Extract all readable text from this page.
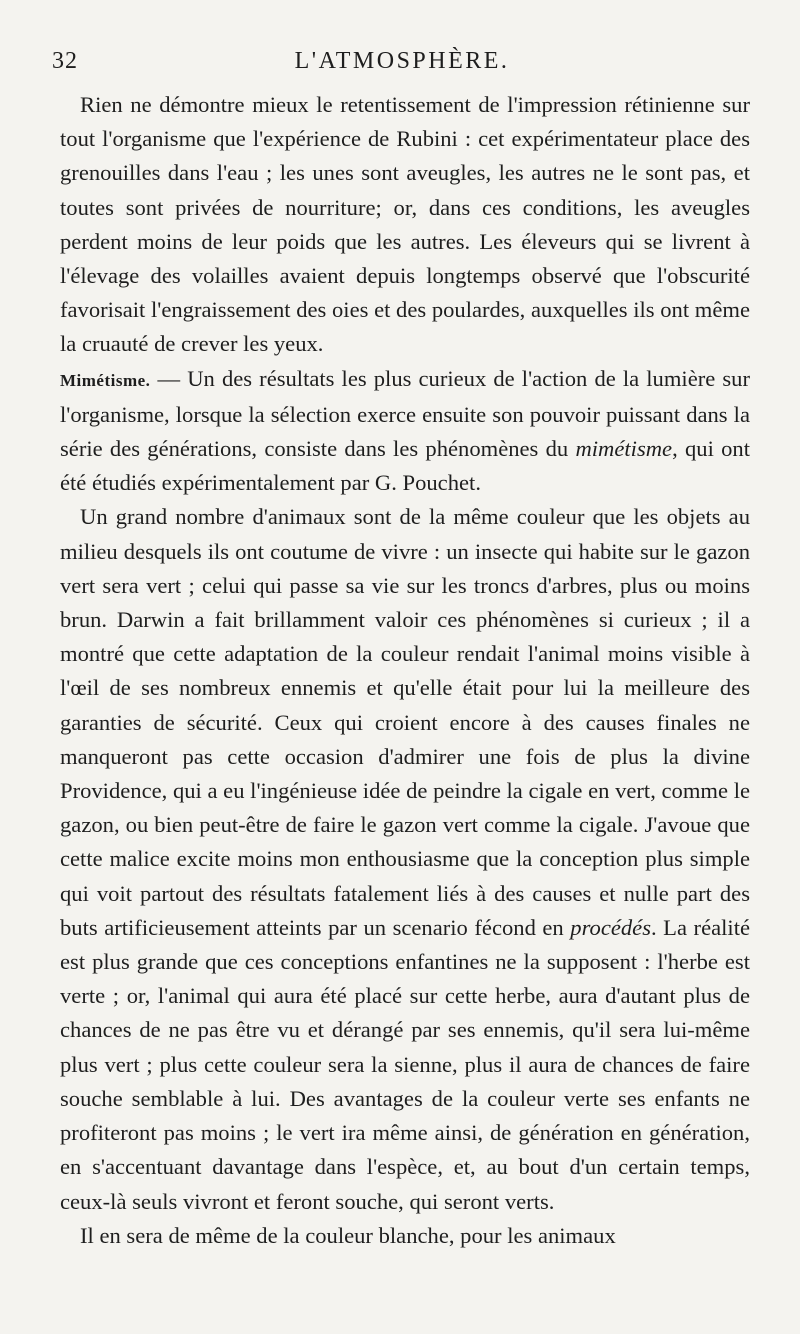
32	L'ATMOSPHÈRE.

Rien ne démontre mieux le retentissement de l'impression rétinienne sur tout l'organisme que l'expérience de Rubini : cet expérimentateur place des grenouilles dans l'eau ; les unes sont aveugles, les autres ne le sont pas, et toutes sont privées de nourriture; or, dans ces conditions, les aveugles perdent moins de leur poids que les autres. Les éleveurs qui se livrent à l'élevage des volailles avaient depuis longtemps observé que l'obscurité favorisait l'engraissement des oies et des poulardes, auxquelles ils ont même la cruauté de crever les yeux.

Mimétisme. — Un des résultats les plus curieux de l'action de la lumière sur l'organisme, lorsque la sélection exerce ensuite son pouvoir puissant dans la série des générations, consiste dans les phénomènes du mimétisme, qui ont été étudiés expérimentalement par G. Pouchet.

Un grand nombre d'animaux sont de la même couleur que les objets au milieu desquels ils ont coutume de vivre : un insecte qui habite sur le gazon vert sera vert ; celui qui passe sa vie sur les troncs d'arbres, plus ou moins brun. Darwin a fait brillamment valoir ces phénomènes si curieux ; il a montré que cette adaptation de la couleur rendait l'animal moins visible à l'œil de ses nombreux ennemis et qu'elle était pour lui la meilleure des garanties de sécurité. Ceux qui croient encore à des causes finales ne manqueront pas cette occasion d'admirer une fois de plus la divine Providence, qui a eu l'ingénieuse idée de peindre la cigale en vert, comme le gazon, ou bien peut-être de faire le gazon vert comme la cigale. J'avoue que cette malice excite moins mon enthousiasme que la conception plus simple qui voit partout des résultats fatalement liés à des causes et nulle part des buts artificieusement atteints par un scenario fécond en procédés. La réalité est plus grande que ces conceptions enfantines ne la supposent : l'herbe est verte ; or, l'animal qui aura été placé sur cette herbe, aura d'autant plus de chances de ne pas être vu et dérangé par ses ennemis, qu'il sera lui-même plus vert ; plus cette couleur sera la sienne, plus il aura de chances de faire souche semblable à lui. Des avantages de la couleur verte ses enfants ne profiteront pas moins ; le vert ira même ainsi, de génération en génération, en s'accentuant davantage dans l'espèce, et, au bout d'un certain temps, ceux-là seuls vivront et feront souche, qui seront verts.

Il en sera de même de la couleur blanche, pour les animaux
